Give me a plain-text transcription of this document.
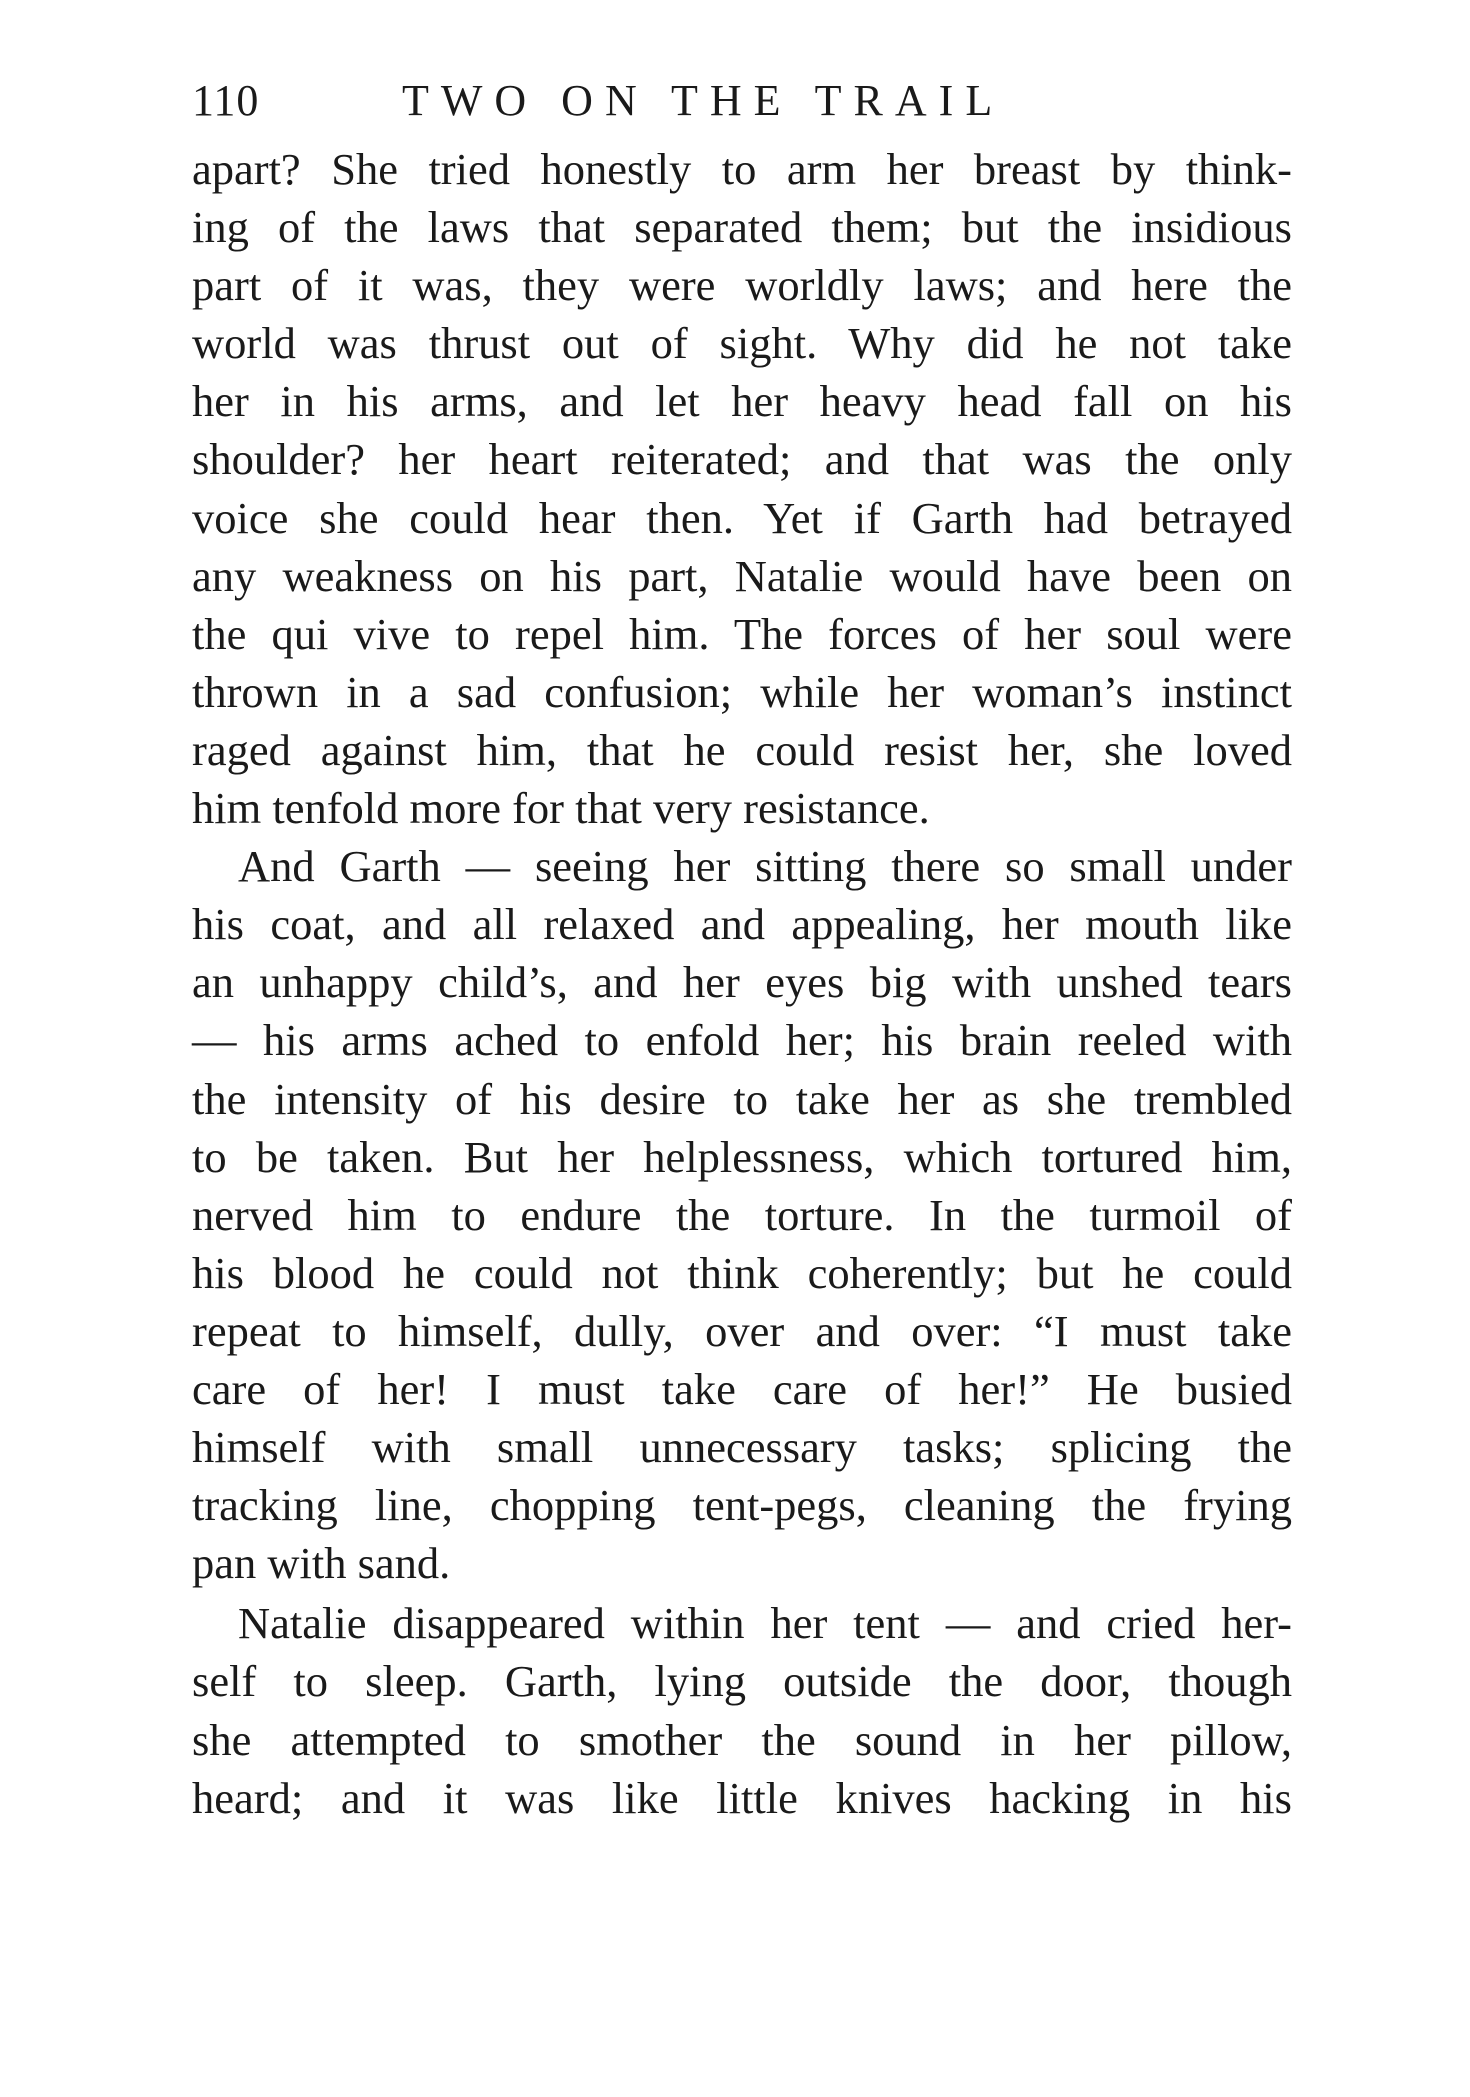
110	TWO ON THE TRAIL
apart? She tried honestly to arm her breast by think-
ing of the laws that separated them; but the insidious
part of it was, they were worldly laws; and here the
world was thrust out of sight. Why did he not take
her in his arms, and let her heavy head fall on his
shoulder? her heart reiterated; and that was the only
voice she could hear then. Yet if Garth had betrayed
any weakness on his part, Natalie would have been on
the qui vive to repel him. The forces of her soul were
thrown in a sad confusion; while her woman’s instinct
raged against him, that he could resist her, she loved
him tenfold more for that very resistance.
And Garth — seeing her sitting there so small under
his coat, and all relaxed and appealing, her mouth like
an unhappy child’s, and her eyes big with unshed tears
— his arms ached to enfold her; his brain reeled with
the intensity of his desire to take her as she trembled
to be taken. But her helplessness, which tortured him,
nerved him to endure the torture. In the turmoil of
his blood he could not think coherently; but he could
repeat to himself, dully, over and over: “I must take
care of her! I must take care of her!” He busied
himself with small unnecessary tasks; splicing the
tracking line, chopping tent-pegs, cleaning the frying
pan with sand.
Natalie disappeared within her tent — and cried her-
self to sleep. Garth, lying outside the door, though
she attempted to smother the sound in her pillow,
heard; and it was like little knives hacking in his
